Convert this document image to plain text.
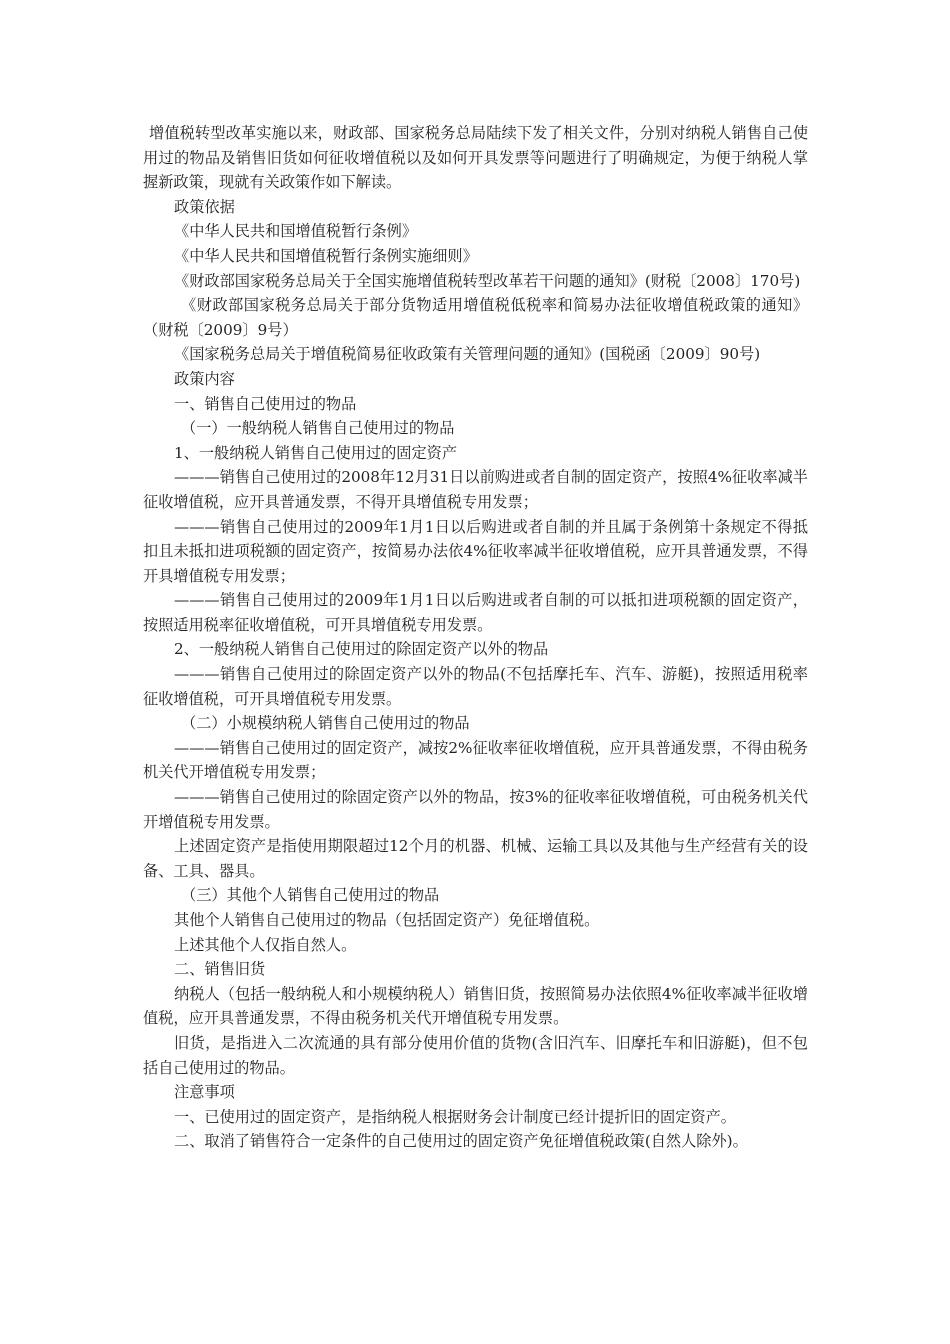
增值税转型改革实施以来，财政部、国家税务总局陆续下发了相关文件，分别对纳税人销售自己使用过的物品及销售旧货如何征收增值税以及如何开具发票等问题进行了明确规定，为便于纳税人掌握新政策，现就有关政策作如下解读。

政策依据

《中华人民共和国增值税暂行条例》

《中华人民共和国增值税暂行条例实施细则》

《财政部国家税务总局关于全国实施增值税转型改革若干问题的通知》(财税〔2008〕170号)

《财政部国家税务总局关于部分货物适用增值税低税率和简易办法征收增值税政策的通知》（财税〔2009〕9号）

《国家税务总局关于增值税简易征收政策有关管理问题的通知》(国税函〔2009〕90号)

政策内容

一、销售自己使用过的物品

（一）一般纳税人销售自己使用过的物品

1、一般纳税人销售自己使用过的固定资产

———销售自己使用过的2008年12月31日以前购进或者自制的固定资产，按照4%征收率减半征收增值税，应开具普通发票，不得开具增值税专用发票；

———销售自己使用过的2009年1月1日以后购进或者自制的并且属于条例第十条规定不得抵扣且未抵扣进项税额的固定资产，按简易办法依4%征收率减半征收增值税，应开具普通发票，不得开具增值税专用发票；

———销售自己使用过的2009年1月1日以后购进或者自制的可以抵扣进项税额的固定资产，按照适用税率征收增值税，可开具增值税专用发票。

2、一般纳税人销售自己使用过的除固定资产以外的物品

———销售自己使用过的除固定资产以外的物品(不包括摩托车、汽车、游艇)，按照适用税率征收增值税，可开具增值税专用发票。

（二）小规模纳税人销售自己使用过的物品

———销售自己使用过的固定资产，减按2%征收率征收增值税，应开具普通发票，不得由税务机关代开增值税专用发票；

———销售自己使用过的除固定资产以外的物品，按3%的征收率征收增值税，可由税务机关代开增值税专用发票。

上述固定资产是指使用期限超过12个月的机器、机械、运输工具以及其他与生产经营有关的设备、工具、器具。

（三）其他个人销售自己使用过的物品

其他个人销售自己使用过的物品（包括固定资产）免征增值税。

上述其他个人仅指自然人。

二、销售旧货

纳税人（包括一般纳税人和小规模纳税人）销售旧货，按照简易办法依照4%征收率减半征收增值税，应开具普通发票，不得由税务机关代开增值税专用发票。

旧货，是指进入二次流通的具有部分使用价值的货物(含旧汽车、旧摩托车和旧游艇)，但不包括自己使用过的物品。

注意事项

一、已使用过的固定资产，是指纳税人根据财务会计制度已经计提折旧的固定资产。

二、取消了销售符合一定条件的自己使用过的固定资产免征增值税政策(自然人除外)。
